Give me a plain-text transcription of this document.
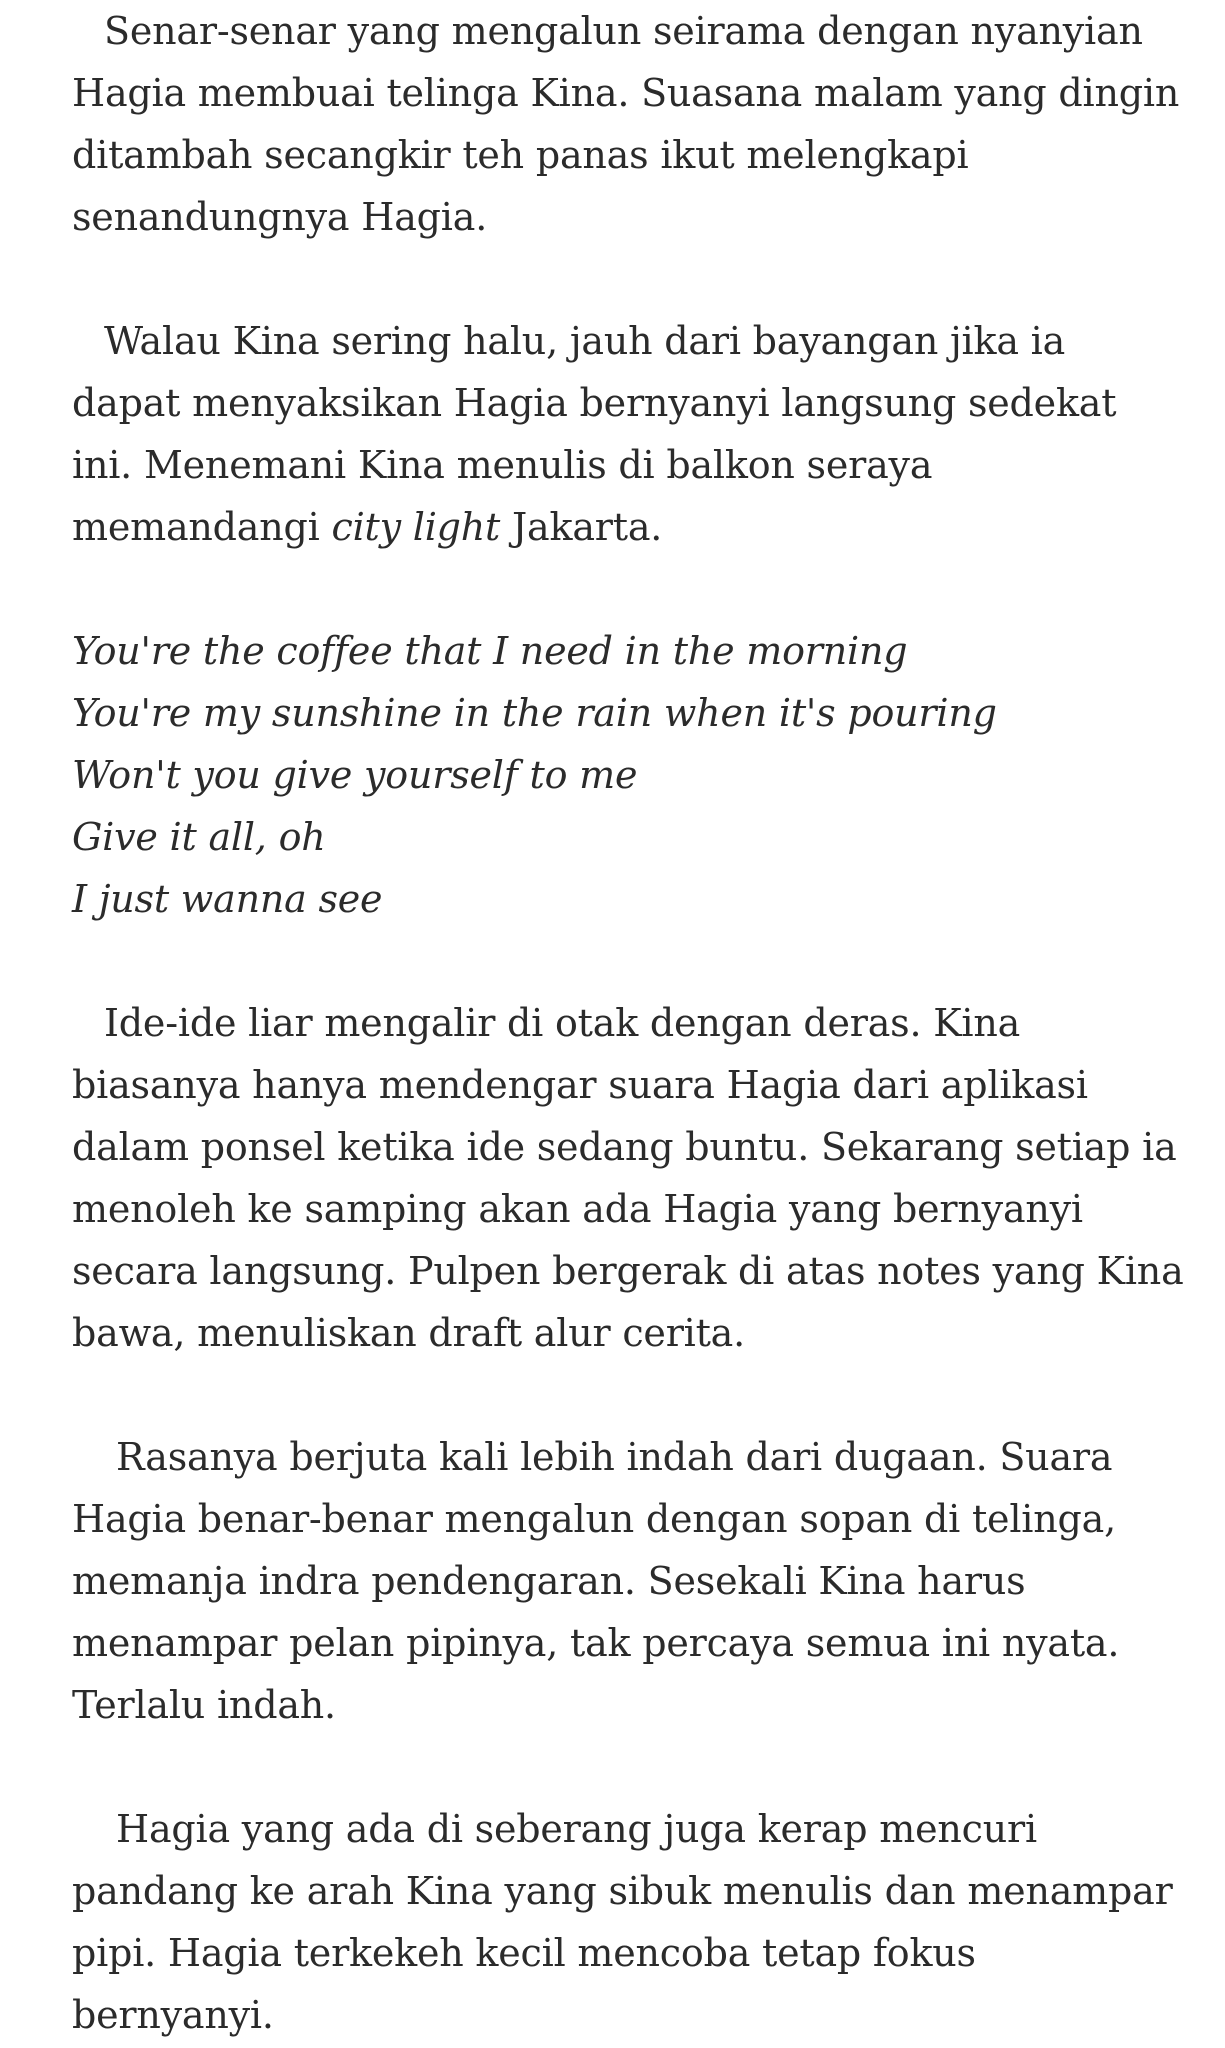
Senar-senar yang mengalun seirama dengan nyanyian Hagia membuai telinga Kina. Suasana malam yang dingin ditambah secangkir teh panas ikut melengkapi senandungnya Hagia.

Walau Kina sering halu, jauh dari bayangan jika ia dapat menyaksikan Hagia bernyanyi langsung sedekat ini. Menemani Kina menulis di balkon seraya memandangi city light Jakarta.

You're the coffee that I need in the morning
You're my sunshine in the rain when it's pouring
Won't you give yourself to me
Give it all, oh
I just wanna see

Ide-ide liar mengalir di otak dengan deras. Kina biasanya hanya mendengar suara Hagia dari aplikasi dalam ponsel ketika ide sedang buntu. Sekarang setiap ia menoleh ke samping akan ada Hagia yang bernyanyi secara langsung. Pulpen bergerak di atas notes yang Kina bawa, menuliskan draft alur cerita.

Rasanya berjuta kali lebih indah dari dugaan. Suara Hagia benar-benar mengalun dengan sopan di telinga, memanja indra pendengaran. Sesekali Kina harus menampar pelan pipinya, tak percaya semua ini nyata. Terlalu indah.

Hagia yang ada di seberang juga kerap mencuri pandang ke arah Kina yang sibuk menulis dan menampar pipi. Hagia terkekeh kecil mencoba tetap fokus bernyanyi.
